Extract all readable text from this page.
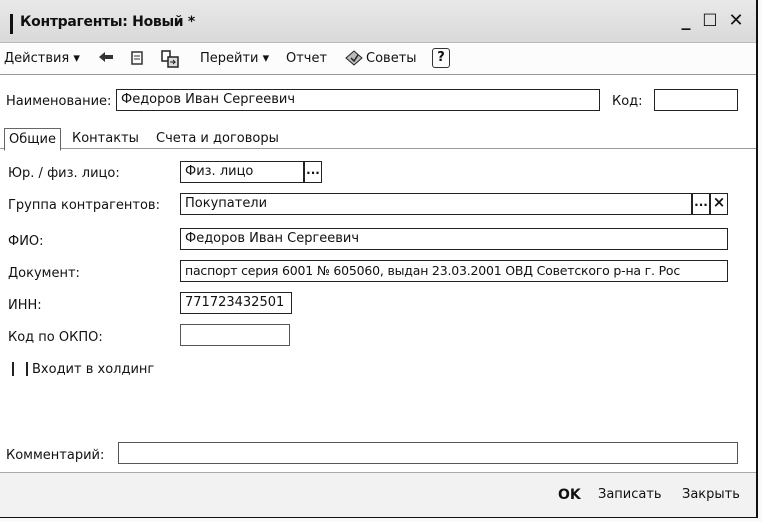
Контрагенты: Новый *	_ ☐ ✕
Действия ▾	Перейти ▾ Отчет	Советы	?
Наименование: Федоров Иван Сергеевич	Код:
Общие	Контакты Счета и договоры
Юр. / физ. лицо:	Физ. лицо	...
Группа контрагентов:	Покупатели	... ×
ФИО:	Федоров Иван Сергеевич
Документ:	паспорт серия 6001 № 605060, выдан 23.03.2001 ОВД Советского р-на г. Рос
ИНН:	771723432501
Код по ОКПО:
Входит в холдинг
Комментарий:
OK Записать Закрыть
